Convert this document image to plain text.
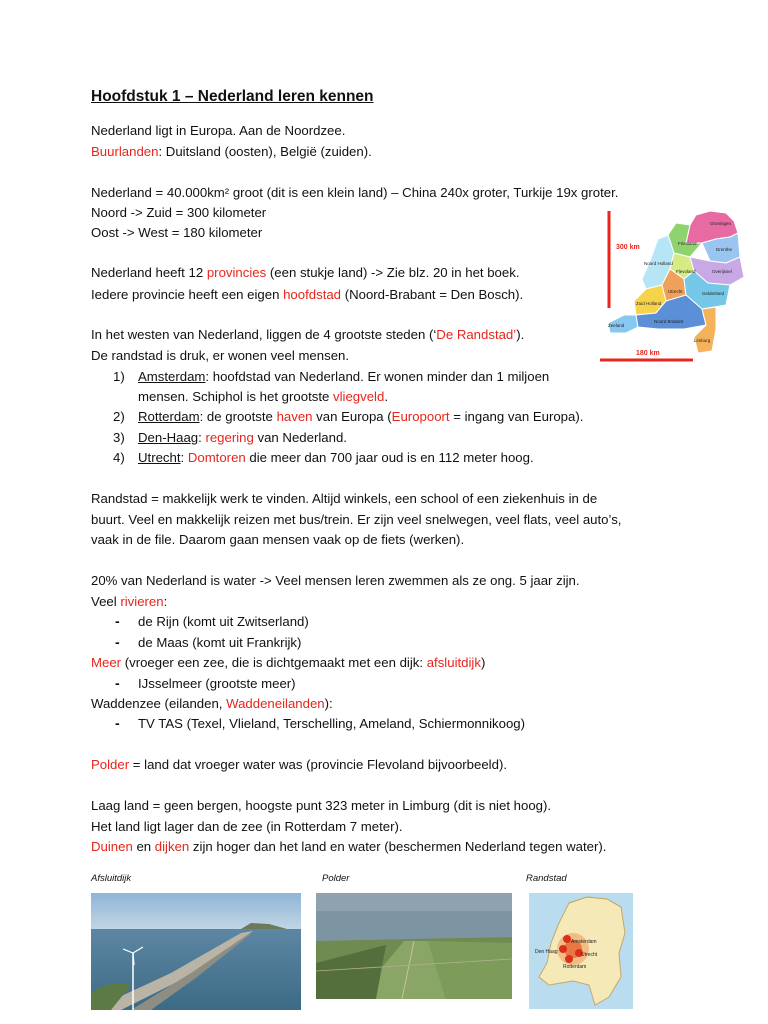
Hoofdstuk 1 – Nederland leren kennen

Nederland ligt in Europa. Aan de Noordzee.

Buurlanden: Duitsland (oosten), België (zuiden).

Nederland = 40.000km² groot (dit is een klein land) – China 240x groter, Turkije 19x groter.

Noord -> Zuid = 300 kilometer

Oost -> West = 180 kilometer

Nederland heeft 12 provincies (een stukje land) -> Zie blz. 20 in het boek.

Iedere provincie heeft een eigen hoofdstad (Noord-Brabant = Den Bosch).

In het westen van Nederland, liggen de 4 grootste steden (‘De Randstad’).

De randstad is druk, er wonen veel mensen.

1) Amsterdam: hoofdstad van Nederland. Er wonen minder dan 1 miljoen
mensen. Schiphol is het grootste vliegveld.
2) Rotterdam: de grootste haven van Europa (Europoort = ingang van Europa).
3) Den-Haag: regering van Nederland.
4) Utrecht: Domtoren die meer dan 700 jaar oud is en 112 meter hoog.

Randstad = makkelijk werk te vinden. Altijd winkels, een school of een ziekenhuis in de

buurt. Veel en makkelijk reizen met bus/trein. Er zijn veel snelwegen, veel flats, veel auto’s,

vaak in de file. Daarom gaan mensen vaak op de fiets (werken).

20% van Nederland is water -> Veel mensen leren zwemmen als ze ong. 5 jaar zijn.

Veel rivieren:

- de Rijn (komt uit Zwitserland)
- de Maas (komt uit Frankrijk)

Meer (vroeger een zee, die is dichtgemaakt met een dijk: afsluitdijk)

- IJsselmeer (grootste meer)

Waddenzee (eilanden, Waddeneilanden):

- TV TAS (Texel, Vlieland, Terschelling, Ameland, Schiermonnikoog)

Polder = land dat vroeger water was (provincie Flevoland bijvoorbeeld).

Laag land = geen bergen, hoogste punt 323 meter in Limburg (dit is niet hoog).

Het land ligt lager dan de zee (in Rotterdam 7 meter).

Duinen en dijken zijn hoger dan het land en water (beschermen Nederland tegen water).

300 km
180 km
Groningen
Friesland
Drenthe
Noord Holland
Flevoland	Overijssel
Zuid Holland
Utrecht	Gelderland
Zeeland
Noord Brabant
Limburg
Afsluitdijk	Polder	Randstad
Amsterdam
Den Haag	Utrecht
Rotterdam
